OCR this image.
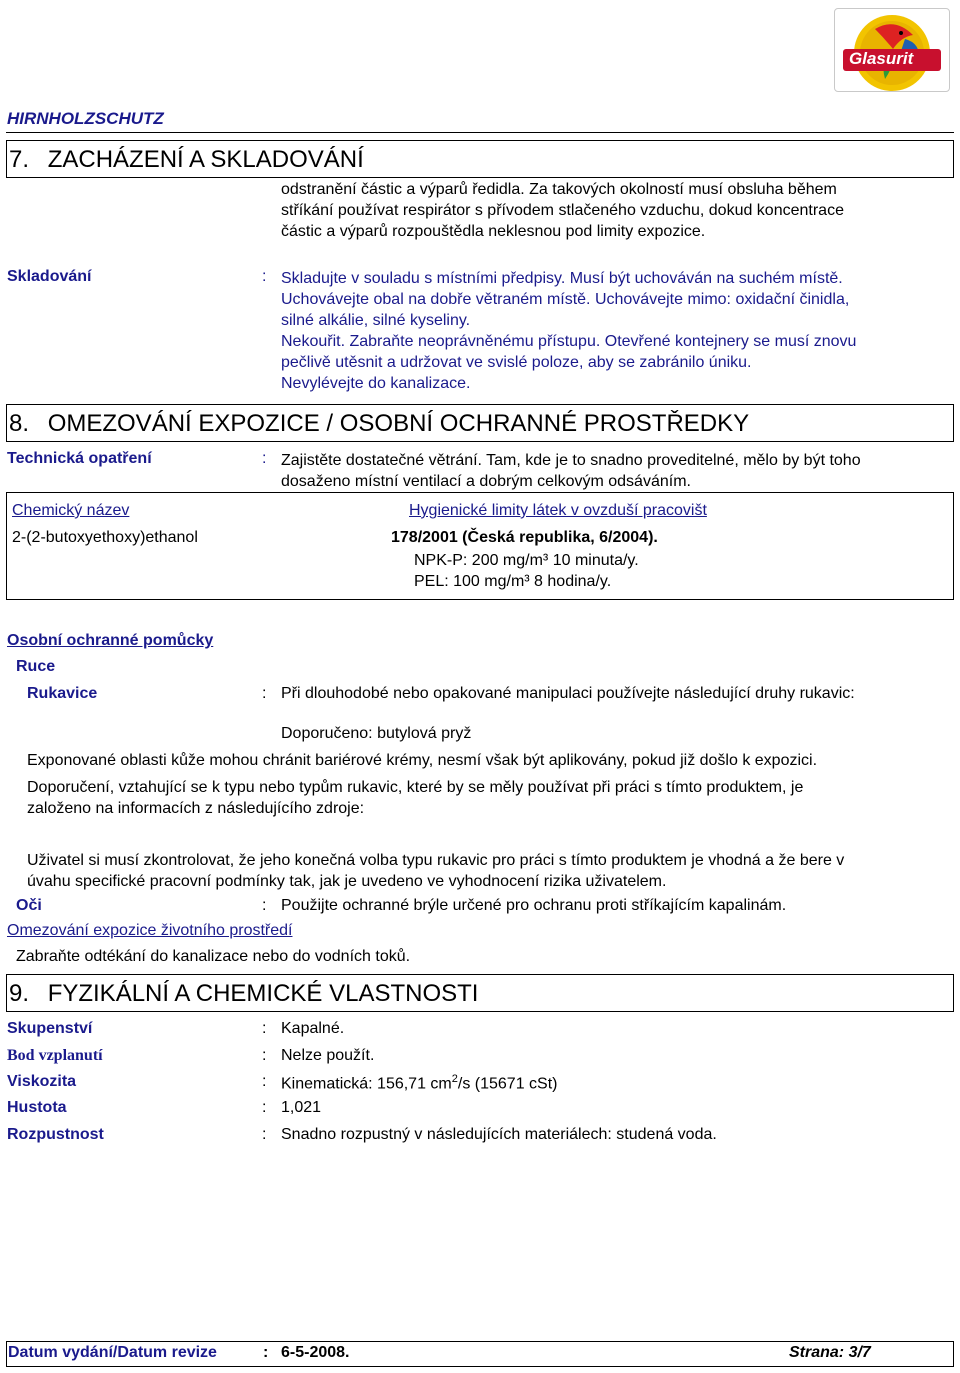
Glasurit
HIRNHOLZSCHUTZ
7. ZACHÁZENÍ A SKLADOVÁNÍ
odstranění částic a výparů ředidla. Za takových okolností musí obsluha během
stříkání používat respirátor s přívodem stlačeného vzduchu, dokud koncentrace
částic a výparů rozpouštědla neklesnou pod limity expozice.
Skladování	: Skladujte v souladu s místními předpisy. Musí být uchováván na suchém místě.
Uchovávejte obal na dobře větraném místě. Uchovávejte mimo: oxidační činidla,
silné alkálie, silné kyseliny.
Nekouřit. Zabraňte neoprávněnému přístupu. Otevřené kontejnery se musí znovu
pečlivě utěsnit a udržovat ve svislé poloze, aby se zabránilo úniku.
Nevylévejte do kanalizace.
8. OMEZOVÁNÍ EXPOZICE / OSOBNÍ OCHRANNÉ PROSTŘEDKY
Technická opatření	: Zajistěte dostatečné větrání. Tam, kde je to snadno proveditelné, mělo by být toho
dosaženo místní ventilací a dobrým celkovým odsáváním.
Chemický název	Hygienické limity látek v ovzduší pracovišt
2-(2-butoxyethoxy)ethanol	178/2001 (Česká republika, 6/2004).
NPK-P: 200 mg/m³ 10 minuta/y.
PEL: 100 mg/m³ 8 hodina/y.
Osobní ochranné pomůcky
Ruce
Rukavice	: Při dlouhodobé nebo opakované manipulaci používejte následující druhy rukavic:
Doporučeno: butylová pryž
Exponované oblasti kůže mohou chránit bariérové krémy, nesmí však být aplikovány, pokud již došlo k expozici.
Doporučení, vztahující se k typu nebo typům rukavic, které by se měly používat při práci s tímto produktem, je
založeno na informacích z následujícího zdroje:
Uživatel si musí zkontrolovat, že jeho konečná volba typu rukavic pro práci s tímto produktem je vhodná a že bere v
úvahu specifické pracovní podmínky tak, jak je uvedeno ve vyhodnocení rizika uživatelem.
Oči	: Použijte ochranné brýle určené pro ochranu proti stříkajícím kapalinám.
Omezování expozice životního prostředí
Zabraňte odtékání do kanalizace nebo do vodních toků.
9. FYZIKÁLNÍ A CHEMICKÉ VLASTNOSTI
Skupenství	: Kapalné.
Bod vzplanutí	: Nelze použít.
Viskozita	: Kinematická: 156,71 $cm^2/s$ (15671 cSt)
Hustota	: 1,021
Rozpustnost	: Snadno rozpustný v následujících materiálech: studená voda.
Datum vydání/Datum revize	: 6-5-2008.	Strana: 3/7
